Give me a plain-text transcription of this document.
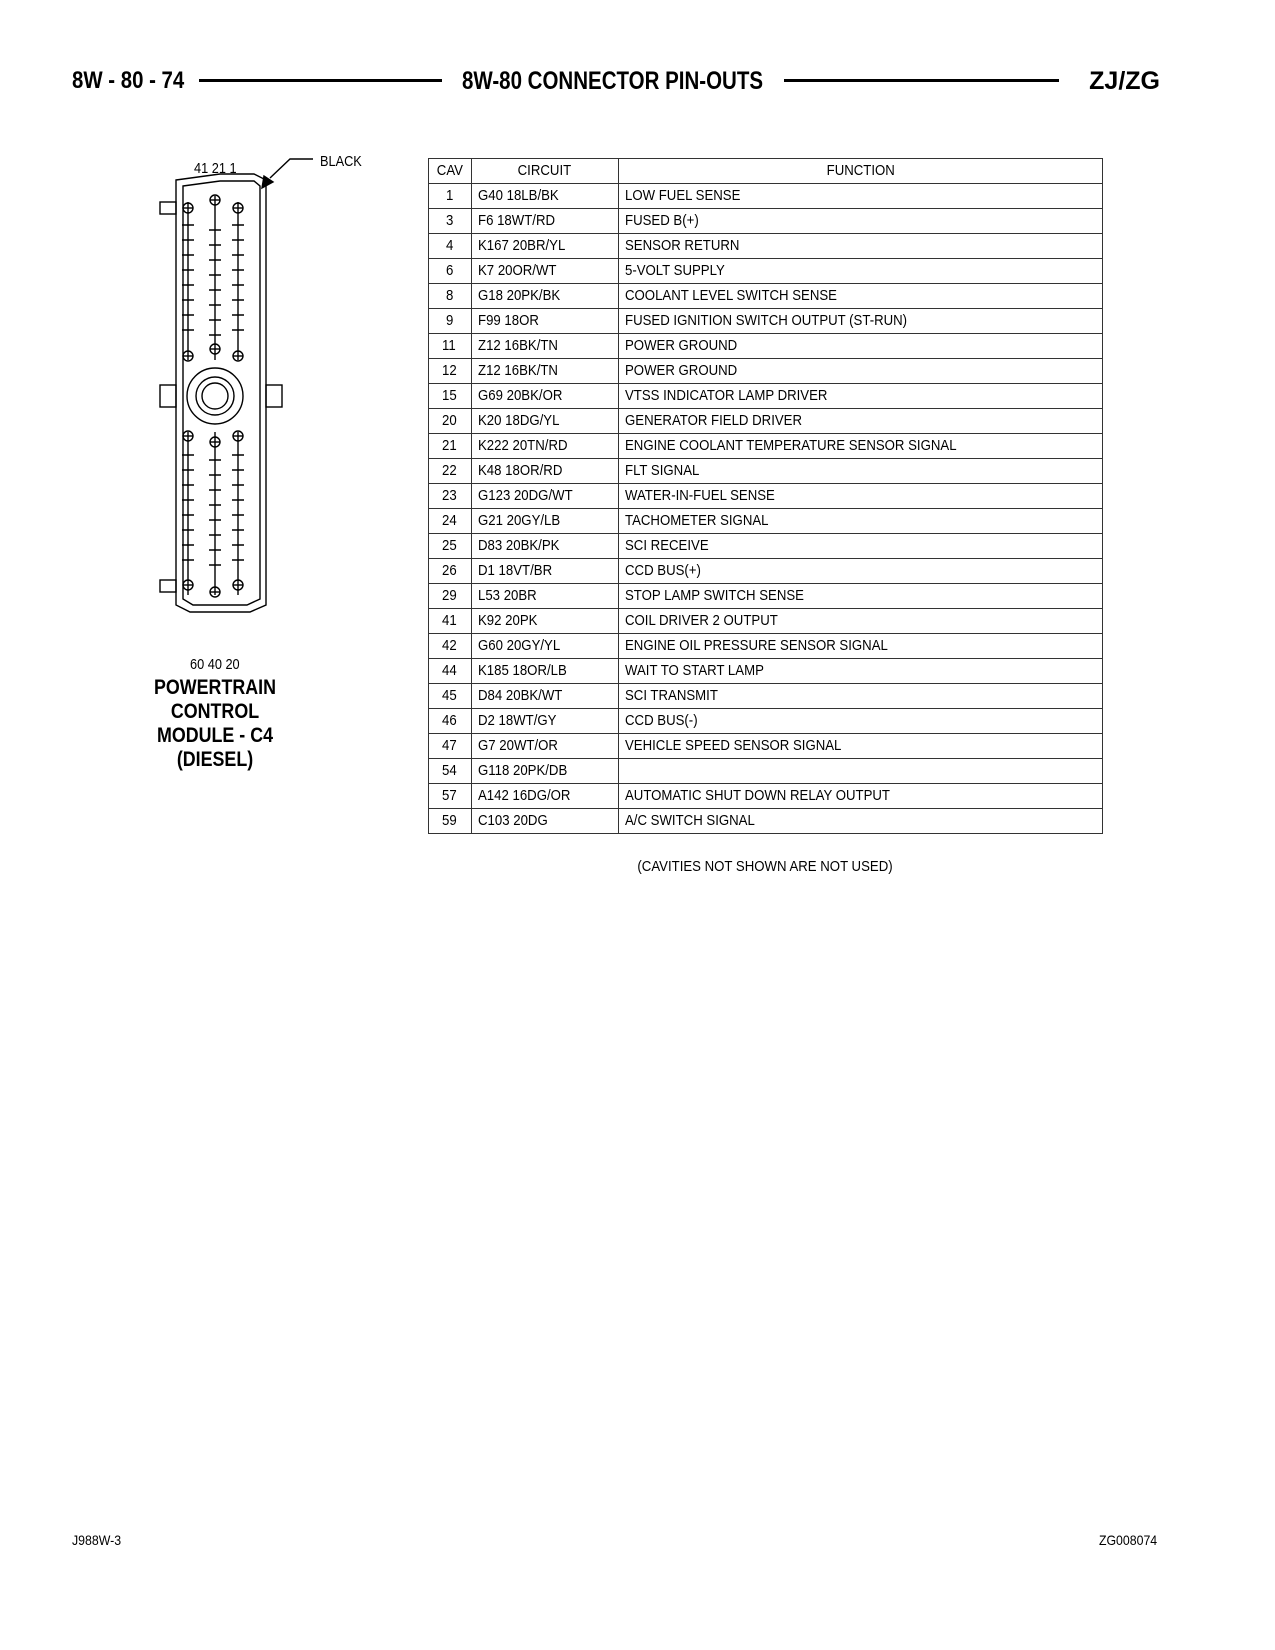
8W - 80 - 74	8W-80 CONNECTOR PIN-OUTS	ZJ/ZG
41 21 1	BLACK
60 40 20
POWERTRAIN
CONTROL
MODULE - C4
(DIESEL)
CAV	CIRCUIT	FUNCTION
1	G40 18LB/BK	LOW FUEL SENSE
3	F6 18WT/RD	FUSED B(+)
4	K167 20BR/YL	SENSOR RETURN
6	K7 20OR/WT	5-VOLT SUPPLY
8	G18 20PK/BK	COOLANT LEVEL SWITCH SENSE
9	F99 18OR	FUSED IGNITION SWITCH OUTPUT (ST-RUN)
11	Z12 16BK/TN	POWER GROUND
12	Z12 16BK/TN	POWER GROUND
15	G69 20BK/OR	VTSS INDICATOR LAMP DRIVER
20	K20 18DG/YL	GENERATOR FIELD DRIVER
21	K222 20TN/RD	ENGINE COOLANT TEMPERATURE SENSOR SIGNAL
22	K48 18OR/RD	FLT SIGNAL
23	G123 20DG/WT	WATER-IN-FUEL SENSE
24	G21 20GY/LB	TACHOMETER SIGNAL
25	D83 20BK/PK	SCI RECEIVE
26	D1 18VT/BR	CCD BUS(+)
29	L53 20BR	STOP LAMP SWITCH SENSE
41	K92 20PK	COIL DRIVER 2 OUTPUT
42	G60 20GY/YL	ENGINE OIL PRESSURE SENSOR SIGNAL
44	K185 18OR/LB	WAIT TO START LAMP
45	D84 20BK/WT	SCI TRANSMIT
46	D2 18WT/GY	CCD BUS(-)
47	G7 20WT/OR	VEHICLE SPEED SENSOR SIGNAL
54	G118 20PK/DB	
57	A142 16DG/OR	AUTOMATIC SHUT DOWN RELAY OUTPUT
59	C103 20DG	A/C SWITCH SIGNAL
(CAVITIES NOT SHOWN ARE NOT USED)
J988W-3	ZG008074
